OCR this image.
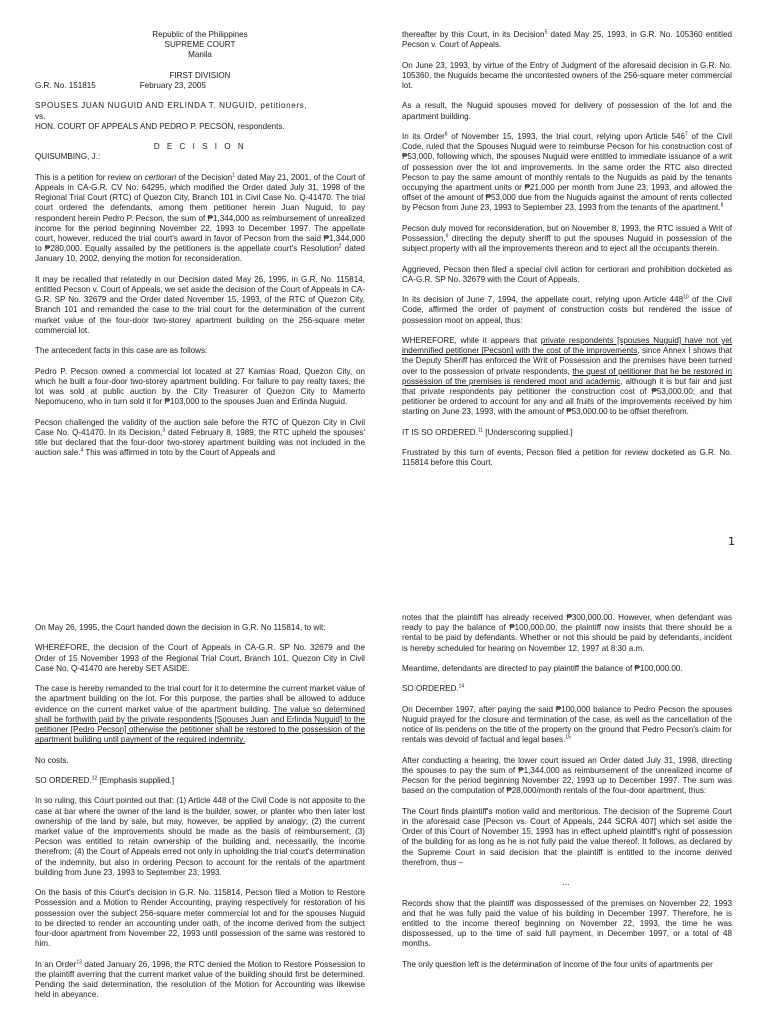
Republic of the Philippines

SUPREME COURT

Manila

FIRST DIVISION

G.R. No. 151815	February 23, 2005

SPOUSES JUAN NUGUID AND ERLINDA T. NUGUID, petitioners,
vs.
HON. COURT OF APPEALS AND PEDRO P. PECSON, respondents.

D E C I S I O N

QUISUMBING, J.:

This is a petition for review on certiorari of the Decision$^1$ dated May 21, 2001, of the Court of Appeals in CA-G.R. CV No. 64295, which modified the Order dated July 31, 1998 of the Regional Trial Court (RTC) of Quezon City, Branch 101 in Civil Case No. Q-41470. The trial court ordered the defendants, among them petitioner herein Juan Nuguid, to pay respondent herein Pedro P. Pecson, the sum of ₱1,344,000 as reimbursement of unrealized income for the period beginning November 22, 1993 to December 1997. The appellate court, however, reduced the trial court's award in favor of Pecson from the said ₱1,344,000 to ₱280,000. Equally assailed by the petitioners is the appellate court's Resolution$^2$ dated January 10, 2002, denying the motion for reconsideration.

It may be recalled that relatedly in our Decision dated May 26, 1995, in G.R. No. 115814, entitled Pecson v. Court of Appeals, we set aside the decision of the Court of Appeals in CA-G.R. SP No. 32679 and the Order dated November 15, 1993, of the RTC of Quezon City, Branch 101 and remanded the case to the trial court for the determination of the current market value of the four-door two-storey apartment building on the 256-square meter commercial lot.

The antecedent facts in this case are as follows:

Pedro P. Pecson owned a commercial lot located at 27 Kamias Road, Quezon City, on which he built a four-door two-storey apartment building. For failure to pay realty taxes, the lot was sold at public auction by the City Treasurer of Quezon City to Mamerto Nepomuceno, who in turn sold it for ₱103,000 to the spouses Juan and Erlinda Nuguid.

Pecson challenged the validity of the auction sale before the RTC of Quezon City in Civil Case No. Q-41470. In its Decision,$^3$ dated February 8, 1989, the RTC upheld the spouses' title but declared that the four-door two-storey apartment building was not included in the auction sale.$^4$ This was affirmed in toto by the Court of Appeals and

thereafter by this Court, in its Decision$^5$ dated May 25, 1993, in G.R. No. 105360 entitled Pecson v. Court of Appeals.

On June 23, 1993, by virtue of the Entry of Judgment of the aforesaid decision in G.R. No. 105360, the Nuguids became the uncontested owners of the 256-square meter commercial lot.

As a result, the Nuguid spouses moved for delivery of possession of the lot and the apartment building.

In its Order$^6$ of November 15, 1993, the trial court, relying upon Article $546^7$ of the Civil Code, ruled that the Spouses Nuguid were to reimburse Pecson for his construction cost of ₱53,000, following which, the spouses Nuguid were entitled to immediate issuance of a writ of possession over the lot and improvements. In the same order the RTC also directed Pecson to pay the same amount of monthly rentals to the Nuguids as paid by the tenants occupying the apartment units or ₱21,000 per month from June 23, 1993, and allowed the offset of the amount of ₱53,000 due from the Nuguids against the amount of rents collected by Pecson from June 23, 1993 to September 23, 1993 from the tenants of the apartment.$^8$

Pecson duly moved for reconsideration, but on November 8, 1993, the RTC issued a Writ of Possession,$^9$ directing the deputy sheriff to put the spouses Nuguid in possession of the subject property with all the improvements thereon and to eject all the occupants therein.

Aggrieved, Pecson then filed a special civil action for certiorari and prohibition docketed as CA-G.R. SP No. 32679 with the Court of Appeals.

In its decision of June 7, 1994, the appellate court, relying upon Article $448^{10}$ of the Civil Code, affirmed the order of payment of construction costs but rendered the issue of possession moot on appeal, thus:

WHEREFORE, while it appears that private respondents [spouses Nuguid] have not yet indemnified petitioner [Pecson] with the cost of the improvements, since Annex I shows that the Deputy Sheriff has enforced the Writ of Possession and the premises have been turned over to the possession of private respondents, the quest of petitioner that he be restored in possession of the premises is rendered moot and academic, although it is but fair and just that private respondents pay petitioner the construction cost of ₱53,000.00; and that petitioner be ordered to account for any and all fruits of the improvements received by him starting on June 23, 1993, with the amount of ₱53,000.00 to be offset therefrom.

IT IS SO ORDERED.$^{11}$ [Underscoring supplied.]

Frustrated by this turn of events, Pecson filed a petition for review docketed as G.R. No. 115814 before this Court.

1

On May 26, 1995, the Court handed down the decision in G.R. No 115814, to wit:

WHEREFORE, the decision of the Court of Appeals in CA-G.R. SP No. 32679 and the Order of 15 November 1993 of the Regional Trial Court, Branch 101, Quezon City in Civil Case No. Q-41470 are hereby SET ASIDE.

The case is hereby remanded to the trial court for it to determine the current market value of the apartment building on the lot. For this purpose, the parties shall be allowed to adduce evidence on the current market value of the apartment building. The value so determined shall be forthwith paid by the private respondents [Spouses Juan and Erlinda Nuguid] to the petitioner [Pedro Pecson] otherwise the petitioner shall be restored to the possession of the apartment building until payment of the required indemnity.

No costs.

SO ORDERED.$^{12}$ [Emphasis supplied.]

In so ruling, this Court pointed out that: (1) Article 448 of the Civil Code is not apposite to the case at bar where the owner of the land is the builder, sower, or planter who then later lost ownership of the land by sale, but may, however, be applied by analogy; (2) the current market value of the improvements should be made as the basis of reimbursement; (3) Pecson was entitled to retain ownership of the building and, necessarily, the income therefrom; (4) the Court of Appeals erred not only in upholding the trial court's determination of the indemnity, but also in ordering Pecson to account for the rentals of the apartment building from June 23, 1993 to September 23, 1993.

On the basis of this Court's decision in G.R. No. 115814, Pecson filed a Motion to Restore Possession and a Motion to Render Accounting, praying respectively for restoration of his possession over the subject 256-square meter commercial lot and for the spouses Nuguid to be directed to render an accounting under oath, of the income derived from the subject four-door apartment from November 22, 1993 until possession of the same was restored to him.

In an Order$^{13}$ dated January 26, 1996, the RTC denied the Motion to Restore Possession to the plaintiff averring that the current market value of the building should first be determined. Pending the said determination, the resolution of the Motion for Accounting was likewise held in abeyance.

notes that the plaintiff has already received ₱300,000.00. However, when defendant was ready to pay the balance of ₱100,000.00, the plaintiff now insists that there should be a rental to be paid by defendants. Whether or not this should be paid by defendants, incident is hereby scheduled for hearing on November 12, 1997 at 8:30 a.m.

Meantime, defendants are directed to pay plaintiff the balance of ₱100,000.00.

SO ORDERED.$^{14}$

On December 1997, after paying the said ₱100,000 balance to Pedro Pecson the spouses Nuguid prayed for the closure and termination of the case, as well as the cancellation of the notice of lis pendens on the title of the property on the ground that Pedro Pecson's claim for rentals was devoid of factual and legal bases.$^{15}$

After conducting a hearing, the lower court issued an Order dated July 31, 1998, directing the spouses to pay the sum of ₱1,344,000 as reimbursement of the unrealized income of Pecson for the period beginning November 22, 1993 up to December 1997. The sum was based on the computation of ₱28,000/month rentals of the four-door apartment, thus:

The Court finds plaintiff's motion valid and meritorious. The decision of the Supreme Court in the aforesaid case [Pecson vs. Court of Appeals, 244 SCRA 407] which set aside the Order of this Court of November 15, 1993 has in effect upheld plaintiff's right of possession of the building for as long as he is not fully paid the value thereof. It follows, as declared by the Supreme Court in said decision that the plaintiff is entitled to the income derived therefrom, thus –

…

Records show that the plaintiff was dispossessed of the premises on November 22, 1993 and that he was fully paid the value of his building in December 1997. Therefore, he is entitled to the income thereof beginning on November 22, 1993, the time he was dispossessed, up to the time of said full payment, in December 1997, or a total of 48 months.

The only question left is the determination of income of the four units of apartments per
